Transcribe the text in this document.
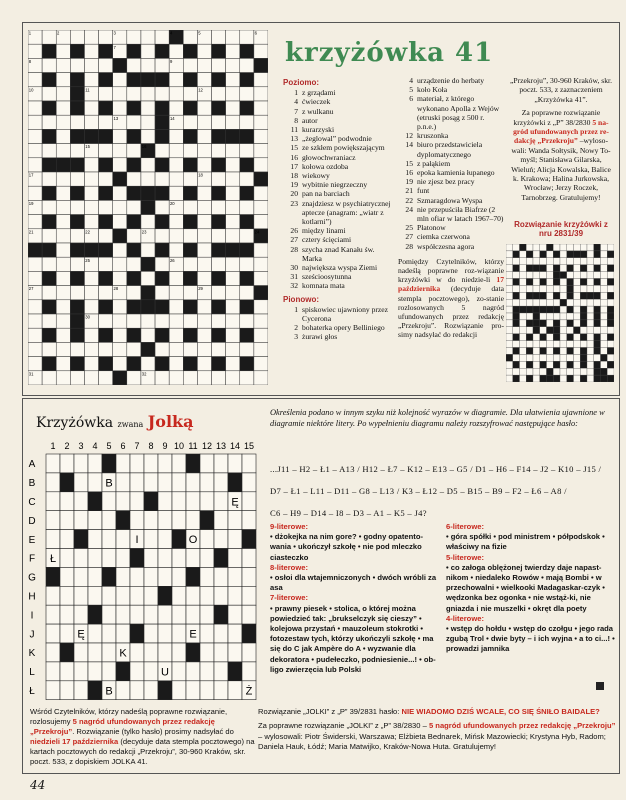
1	2	3	4	5	6
7
8	9
10	11	12
13	14
15	16
17	18
19	20
21	22	23	24
25	26
27	28	29
30
31	32
krzyżówka 41
Poziomo:
1 z grządami
4 ćwieczek
7 z wulkanu
8 autor
11 kurarzyski
13 „żeglowal” podwodnie
15 ze szkłem powiększającym
16 głowochwraniacz
17 kołowa ozdoba
18 wiekowy
19 wybitnie niegrzeczny
20 pan na barciach
23 znajdziesz w psychiatrycznej aptecze (anagram: „wiatr z kotlarni”)
26 między linami
27 cztery ścięciami
28 szycha znad Kanału św. Marka
30 największa wyspa Ziemi
31 sześcioosytunna
32 komnata mata
Pionowo:
1 spiskowiec ujawniony przez Cycerona
2 bohaterka opery Belliniego
3 żurawi głos
4 urządzenie do herbaty
5 koło Koła
6 materiał, z którego wykonano Apolla z Wejów (etruski posąg z 500 r. p.n.e.)
12 kruszonka
14 biuro przedstawiciela dyplomatycznego
15 z pałąkiem
16 epoka kamienia łupanego
19 nie zjesz bez pracy
21 funt
22 Szmaragdowa Wyspa
24 nie przepuściła Biafrze (2 mln ofiar w latach 1967–70)
25 Płatonow
27 ciemka czerwona
28 współczesna agora
Pomiędzy Czytelników, którzy nadeślą poprawne roz-wiązanie krzyżówki w do niedzie-li 17 października (decyduje data stempla pocztowego), zo-stanie rozlosowanych 5 nagród ufundowanych przez redakcję „Przekroju”. Rozwiązanie pro-simy nadsyłać do redakcji
„Przekroju”, 30-960 Kraków, skr. poczt. 533, z zaznaczeniem „Krzyżówka 41”.
Za poprawne rozwiązanie krzyżówki z „P” 38/2830 5 na-gród ufundowanych przez re-dakcję „Przekroju” –wyloso-wali: Wanda Sołtysik, Nowy To-myśl; Stanisława Gilarska, Wieluń; Alicja Kowalska, Balice k. Krakowa; Halina Jurkowska, Wrocław; Jerzy Roczek, Tarnobrzeg. Gratulujemy!
Rozwiązanie krzyżówki z nru 2831/39
Krzyżówka zwana Jolką
1 2 3 4 5 6 7 8 9 10 11 12 13 14 15
A
B
C
D
E
F
G
H
I
J
K
L
Ł
B
Ę
I	O
Ł
Ę	E
K
U
B	Ż
Określenia podano w innym szyku niż kolejność wyrazów w diagramie. Dla ułatwienia ujawnione w diagramie niektóre litery. Po wypełnieniu diagramu należy rozszyfrować następujące hasło:
...J11 – H2 – Ł1 – A13 / H12 – Ł7 – K12 – E13 – G5 / D1 – H6 – F14 – J2 – K10 – J15 /
D7 – Ł1 – L11 – D11 – G8 – L13 / K3 – Ł12 – D5 – B15 – B9 – F2 – Ł6 – A8 /
C6 – H9 – D14 – I8 – D3 – A1 – K5 – J4?
9-literowe:
• dżokejka na nim gore? • godny opatento-wania • ukończył szkołę • nie pod mleczko ciasteczko
8-literowe:
• osłoi dla wtajemniczonych • dwóch wróbli za asa
7-literowe:
• prawny piesek • stolica, o której można powiedzieć tak: „brukselczyk się cieszy” • kolejowa przystań • mauzoleum stokrotki • fotozestaw tych, którzy ukończyli szkołę • ma się do C jak Ampère do A • wyzwanie dla dekoratora • pudełeczko, podniesienie...! • ob-ligo zwierzęcia lub Polski
6-literowe:
• góra spółki • pod ministrem • półpodskok • właściwy na fizie
5-literowe:
• co załoga oblężonej twierdzy daje napast-nikom • niedaleko Rowów • mają Bombi • w przechowalni • wielkooki Madagaskar-czyk • wędzonka bez ogonka • nie wstąż-ki, nie gniazda i nie muszelki • okręt dla poety
4-literowe:
• wstęp do hołdu • wstęp do czołgu • jego rada zgubą Trol • dwie byty – i ich wyjna • a to ci...! • prowadzi jamnika
Wśród Czytelników, którzy nadeślą poprawne rozwiązanie, rozlosujemy 5 nagród ufundowanych przez redakcję „Przekroju”. Rozwiązanie (tylko hasło) prosimy nadsyłać do niedzieli 17 października (decyduje data stempla pocztowego) na kartach pocztowych do redakcji „Przekroju”, 30-960 Kraków, skr. poczt. 533, z dopiskiem JOLKA 41.
Rozwiązanie „JOLKI” z „P” 39/2831 hasło: NIE WIADOMO DZIŚ WCALE, CO SIĘ ŚNIŁO BAIDALE?
Za poprawne rozwiązanie „JOLKI” z „P” 38/2830 – 5 nagród ufundowanych przez redakcję „Przekroju” – wylosowali: Piotr Świderski, Warszawa; Elżbieta Bednarek, Mińsk Mazowiecki; Krystyna Hyb, Radom; Daniela Hauk, Łódź; Maria Matwijko, Kraków-Nowa Huta. Gratulujemy!
44
